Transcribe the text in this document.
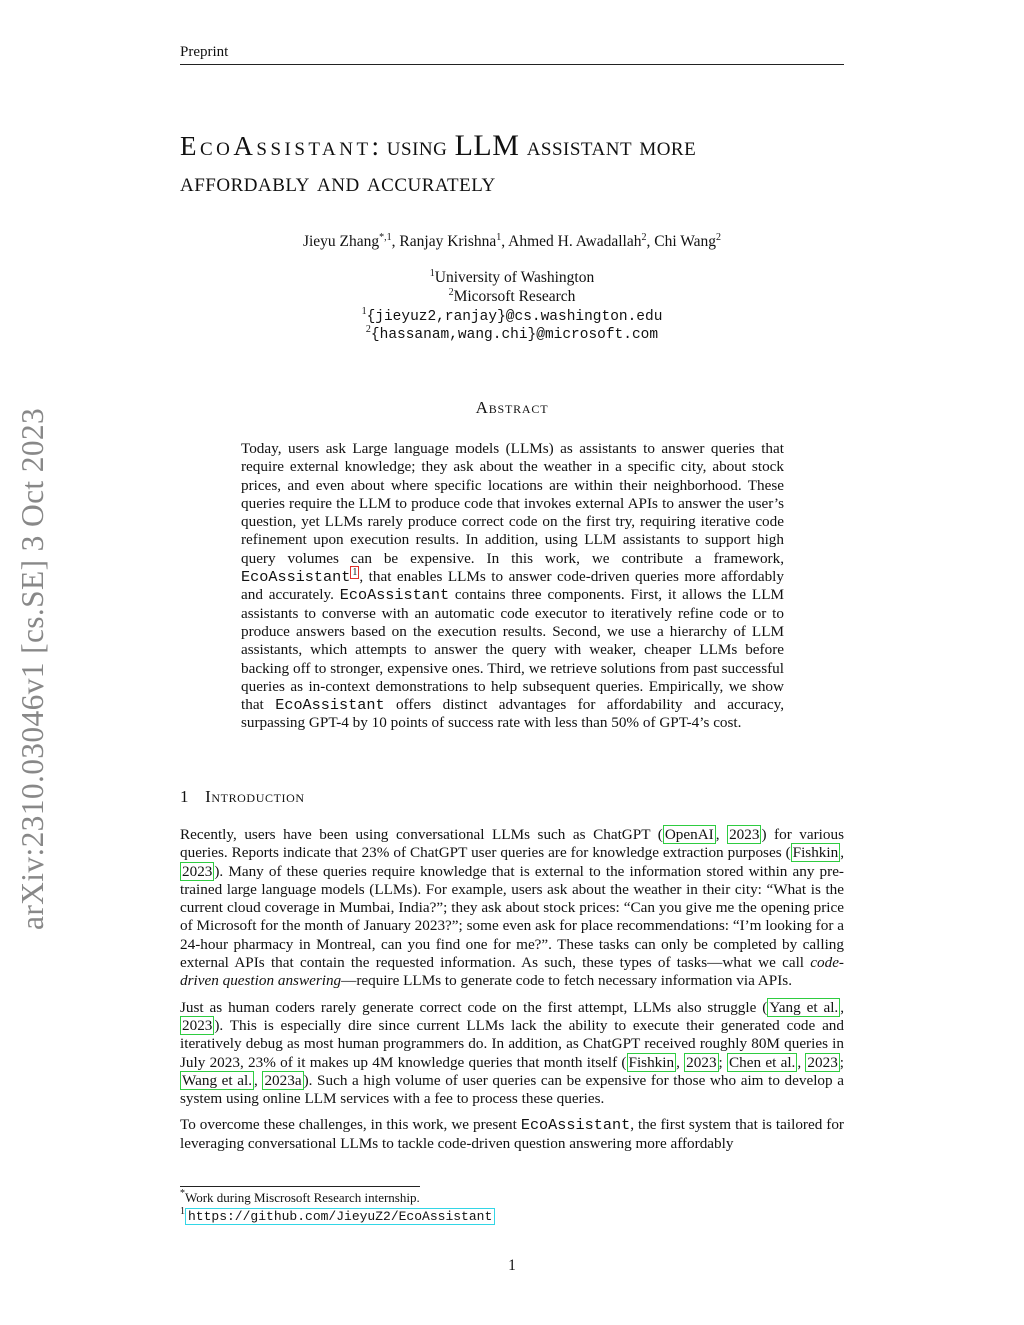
Preprint
arXiv:2310.03046v1 [cs.SE] 3 Oct 2023
EcoAssistant: using LLM assistant more
affordably and accurately
Jieyu Zhang$^{*,1}$, Ranjay Krishna$^1$, Ahmed H. Awadallah$^2$, Chi Wang$^2$
$^1$University of Washington
$^2$Micorsoft Research
$^1${jieyuz2,ranjay}@cs.washington.edu
$^2${hassanam,wang.chi}@microsoft.com
Abstract

Today, users ask Large language models (LLMs) as assistants to answer queries that require external knowledge; they ask about the weather in a specific city, about stock prices, and even about where specific locations are within their neighborhood. These queries require the LLM to produce code that invokes external APIs to answer the user’s question, yet LLMs rarely produce correct code on the first try, requiring iterative code refinement upon execution results. In addition, using LLM assistants to support high query volumes can be expensive. In this work, we contribute a framework, EcoAssistant $^1$ , that enables LLMs to answer code-driven queries more affordably and accurately. EcoAssistant contains three components. First, it allows the LLM assistants to converse with an automatic code executor to iteratively refine code or to produce answers based on the execution results. Second, we use a hierarchy of LLM assistants, which attempts to answer the query with weaker, cheaper LLMs before backing off to stronger, expensive ones. Third, we retrieve solutions from past successful queries as in-context demonstrations to help subsequent queries. Empirically, we show that EcoAssistant offers distinct advantages for affordability and accuracy, surpassing GPT-4 by 10 points of success rate with less than 50% of GPT-4’s cost.

1 Introduction

Recently, users have been using conversational LLMs such as ChatGPT ( OpenAI , 2023 ) for various queries. Reports indicate that 23% of ChatGPT user queries are for knowledge extraction purposes ( Fishkin , 2023 ). Many of these queries require knowledge that is external to the information stored within any pre-trained large language models (LLMs). For example, users ask about the weather in their city: “What is the current cloud coverage in Mumbai, India?”; they ask about stock prices: “Can you give me the opening price of Microsoft for the month of January 2023?”; some even ask for place recommendations: “I’m looking for a 24-hour pharmacy in Montreal, can you find one for me?”. These tasks can only be completed by calling external APIs that contain the requested information. As such, these types of tasks—what we call code-driven question answering—require LLMs to generate code to fetch necessary information via APIs.

Just as human coders rarely generate correct code on the first attempt, LLMs also struggle ( Yang et al. , 2023 ). This is especially dire since current LLMs lack the ability to execute their generated code and iteratively debug as most human programmers do. In addition, as ChatGPT received roughly 80M queries in July 2023, 23% of it makes up 4M knowledge queries that month itself ( Fishkin , 2023 ; Chen et al. , 2023 ; Wang et al. , 2023a ). Such a high volume of user queries can be expensive for those who aim to develop a system using online LLM services with a fee to process these queries.

To overcome these challenges, in this work, we present EcoAssistant, the first system that is tailored for leveraging conversational LLMs to tackle code-driven question answering more affordably

*Work during Miscrosoft Research internship.
$^1$ https://github.com/JieyuZ2/EcoAssistant
1
